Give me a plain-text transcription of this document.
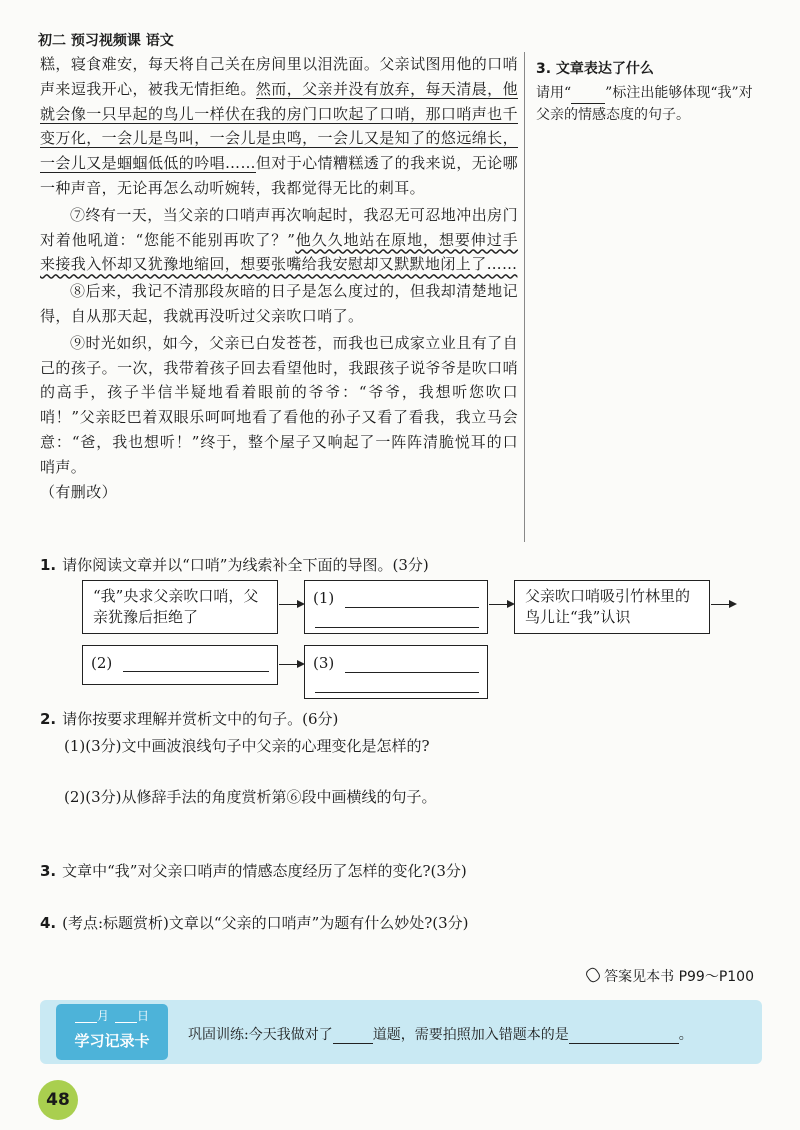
初二 预习视频课 语文

糕，寝食难安，每天将自己关在房间里以泪洗面。父亲试图用他的口哨声来逗我开心，被我无情拒绝。然而，父亲并没有放弃，每天清晨，他就会像一只早起的鸟儿一样伏在我的房门口吹起了口哨，那口哨声也千变万化，一会儿是鸟叫，一会儿是虫鸣，一会儿又是知了的悠远绵长，一会儿又是蝈蝈低低的吟唱……但对于心情糟糕透了的我来说，无论哪一种声音，无论再怎么动听婉转，我都觉得无比的刺耳。

⑦终有一天，当父亲的口哨声再次响起时，我忍无可忍地冲出房门对着他吼道：“您能不能别再吹了？”他久久地站在原地，想要伸过手来接我入怀却又犹豫地缩回，想要张嘴给我安慰却又默默地闭上了……

⑧后来，我记不清那段灰暗的日子是怎么度过的，但我却清楚地记得，自从那天起，我就再没听过父亲吹口哨了。

⑨时光如织，如今，父亲已白发苍苍，而我也已成家立业且有了自己的孩子。一次，我带着孩子回去看望他时，我跟孩子说爷爷是吹口哨的高手，孩子半信半疑地看着眼前的爷爷：“爷爷，我想听您吹口哨！”父亲眨巴着双眼乐呵呵地看了看他的孙子又看了看我，我立马会意：“爸，我也想听！”终于，整个屋子又响起了一阵阵清脆悦耳的口哨声。

（有删改）

3. 文章表达了什么
请用“ ”标注出能够体现“我”对父亲的情感态度的句子。
1. 请你阅读文章并以“口哨”为线索补全下面的导图。(3分)
“我”央求父亲吹口哨，父亲犹豫后拒绝了
(1)	父亲吹口哨吸引竹林里的鸟儿让“我”认识
(2)	(3)
2. 请你按要求理解并赏析文中的句子。(6分)
(1)(3分)文中画波浪线句子中父亲的心理变化是怎样的?
(2)(3分)从修辞手法的角度赏析第⑥段中画横线的句子。
3. 文章中“我”对父亲口哨声的情感态度经历了怎样的变化?(3分)
4. (考点:标题赏析)文章以“父亲的口哨声”为题有什么妙处?(3分)
答案见本书 P99～P100
月 日
学习记录卡	巩固训练:今天我做对了	道题，需要拍照加入错题本的是	。
48
